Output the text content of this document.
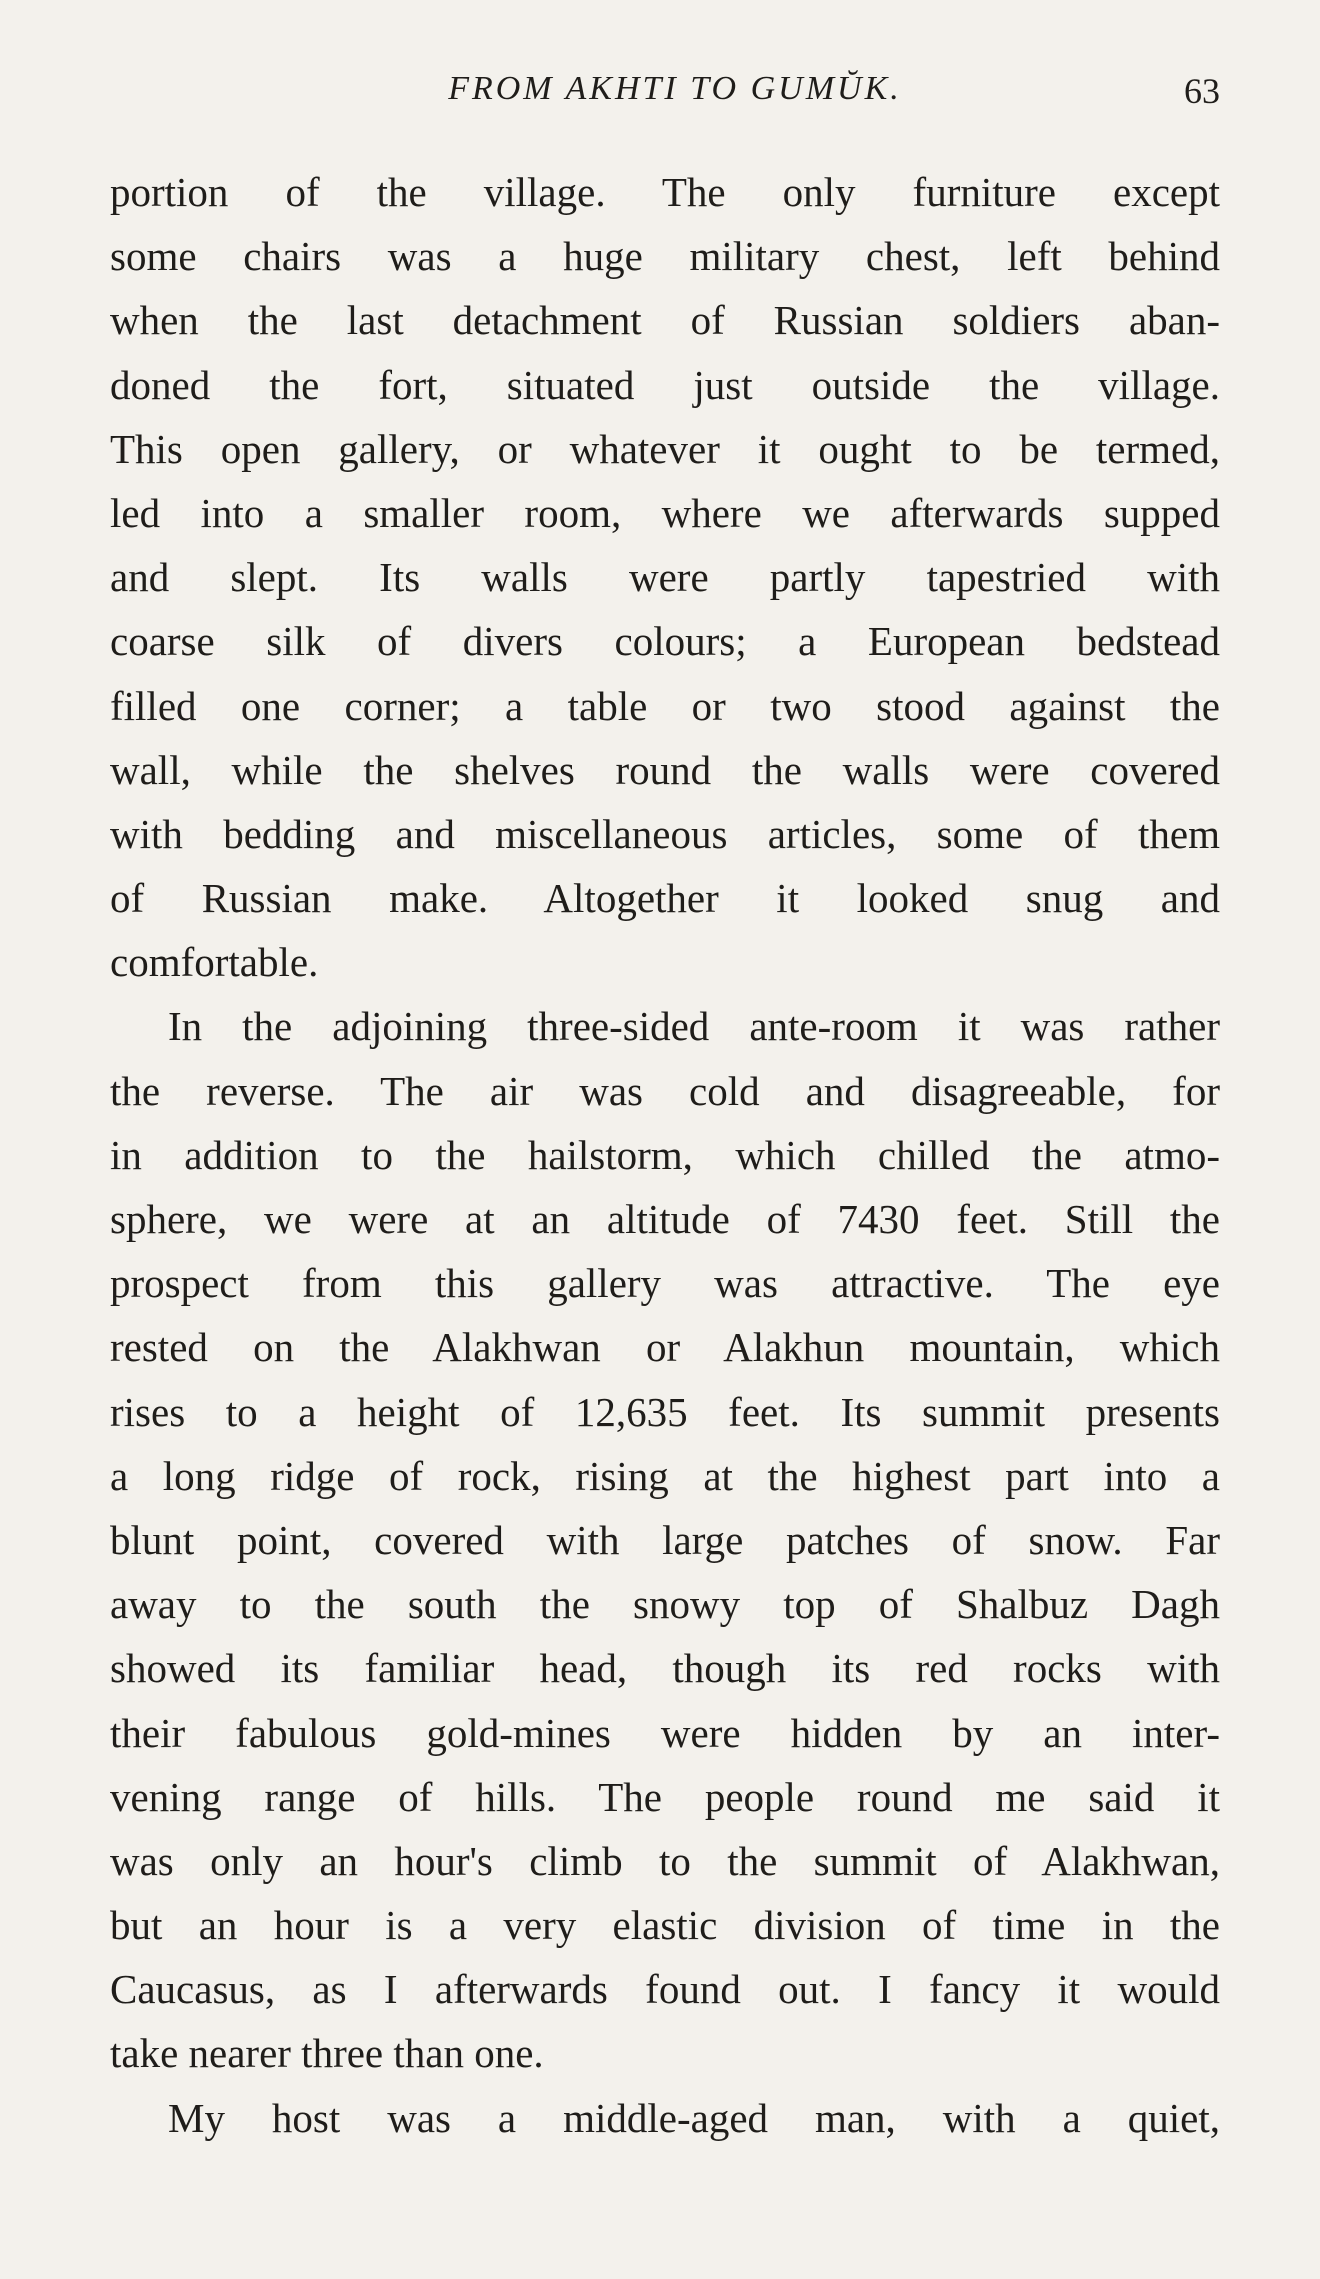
FROM AKHTI TO GUMŬK.	63
portion of the village. The only furniture except
some chairs was a huge military chest, left behind
when the last detachment of Russian soldiers aban-
doned the fort, situated just outside the village.
This open gallery, or whatever it ought to be termed,
led into a smaller room, where we afterwards supped
and slept. Its walls were partly tapestried with
coarse silk of divers colours; a European bedstead
filled one corner; a table or two stood against the
wall, while the shelves round the walls were covered
with bedding and miscellaneous articles, some of them
of Russian make. Altogether it looked snug and
comfortable.
In the adjoining three-sided ante-room it was rather
the reverse. The air was cold and disagreeable, for
in addition to the hailstorm, which chilled the atmo-
sphere, we were at an altitude of 7430 feet. Still the
prospect from this gallery was attractive. The eye
rested on the Alakhwan or Alakhun mountain, which
rises to a height of 12,635 feet. Its summit presents
a long ridge of rock, rising at the highest part into a
blunt point, covered with large patches of snow. Far
away to the south the snowy top of Shalbuz Dagh
showed its familiar head, though its red rocks with
their fabulous gold-mines were hidden by an inter-
vening range of hills. The people round me said it
was only an hour's climb to the summit of Alakhwan,
but an hour is a very elastic division of time in the
Caucasus, as I afterwards found out. I fancy it would
take nearer three than one.
My host was a middle-aged man, with a quiet,
